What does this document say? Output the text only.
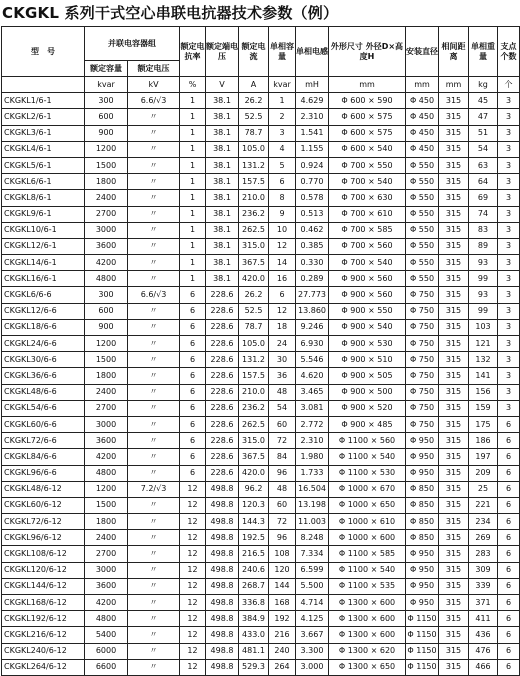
CKGKL 系列干式空心串联电抗器技术参数（例）
型　号	并联电容器组		额定电抗率	额定端电压	额定电流	单相容量	单相电感	外形尺寸 外径D×高度H	安装直径	相间距离	单相重量	支点个数
	额定容量	额定电压										
	kvar	kV	%	V	A	kvar	mH	mm	mm	mm	kg	个
CKGKL1/6-1	300	6.6/√3	1	38.1	26.2	1	4.629	Φ 600 × 590	Φ 450	315	45	3
CKGKL2/6-1	600	〃	1	38.1	52.5	2	2.310	Φ 600 × 575	Φ 450	315	47	3
CKGKL3/6-1	900	〃	1	38.1	78.7	3	1.541	Φ 600 × 575	Φ 450	315	51	3
CKGKL4/6-1	1200	〃	1	38.1	105.0	4	1.155	Φ 600 × 540	Φ 450	315	54	3
CKGKL5/6-1	1500	〃	1	38.1	131.2	5	0.924	Φ 700 × 550	Φ 550	315	63	3
CKGKL6/6-1	1800	〃	1	38.1	157.5	6	0.770	Φ 700 × 540	Φ 550	315	64	3
CKGKL8/6-1	2400	〃	1	38.1	210.0	8	0.578	Φ 700 × 630	Φ 550	315	69	3
CKGKL9/6-1	2700	〃	1	38.1	236.2	9	0.513	Φ 700 × 610	Φ 550	315	74	3
CKGKL10/6-1	3000	〃	1	38.1	262.5	10	0.462	Φ 700 × 585	Φ 550	315	83	3
CKGKL12/6-1	3600	〃	1	38.1	315.0	12	0.385	Φ 700 × 560	Φ 550	315	89	3
CKGKL14/6-1	4200	〃	1	38.1	367.5	14	0.330	Φ 700 × 540	Φ 550	315	93	3
CKGKL16/6-1	4800	〃	1	38.1	420.0	16	0.289	Φ 900 × 560	Φ 550	315	99	3
CKGKL6/6-6	300	6.6/√3	6	228.6	26.2	6	27.773	Φ 900 × 560	Φ 750	315	93	3
CKGKL12/6-6	600	〃	6	228.6	52.5	12	13.860	Φ 900 × 550	Φ 750	315	99	3
CKGKL18/6-6	900	〃	6	228.6	78.7	18	9.246	Φ 900 × 540	Φ 750	315	103	3
CKGKL24/6-6	1200	〃	6	228.6	105.0	24	6.930	Φ 900 × 530	Φ 750	315	121	3
CKGKL30/6-6	1500	〃	6	228.6	131.2	30	5.546	Φ 900 × 510	Φ 750	315	132	3
CKGKL36/6-6	1800	〃	6	228.6	157.5	36	4.620	Φ 900 × 505	Φ 750	315	141	3
CKGKL48/6-6	2400	〃	6	228.6	210.0	48	3.465	Φ 900 × 500	Φ 750	315	156	3
CKGKL54/6-6	2700	〃	6	228.6	236.2	54	3.081	Φ 900 × 520	Φ 750	315	159	3
CKGKL60/6-6	3000	〃	6	228.6	262.5	60	2.772	Φ 900 × 485	Φ 750	315	175	6
CKGKL72/6-6	3600	〃	6	228.6	315.0	72	2.310	Φ 1100 × 560	Φ 950	315	186	6
CKGKL84/6-6	4200	〃	6	228.6	367.5	84	1.980	Φ 1100 × 540	Φ 950	315	197	6
CKGKL96/6-6	4800	〃	6	228.6	420.0	96	1.733	Φ 1100 × 530	Φ 950	315	209	6
CKGKL48/6-12	1200	7.2/√3	12	498.8	96.2	48	16.504	Φ 1000 × 670	Φ 850	315	25	6
CKGKL60/6-12	1500	〃	12	498.8	120.3	60	13.198	Φ 1000 × 650	Φ 850	315	221	6
CKGKL72/6-12	1800	〃	12	498.8	144.3	72	11.003	Φ 1000 × 610	Φ 850	315	234	6
CKGKL96/6-12	2400	〃	12	498.8	192.5	96	8.248	Φ 1000 × 600	Φ 850	315	269	6
CKGKL108/6-12	2700	〃	12	498.8	216.5	108	7.334	Φ 1100 × 585	Φ 950	315	283	6
CKGKL120/6-12	3000	〃	12	498.8	240.6	120	6.599	Φ 1100 × 540	Φ 950	315	309	6
CKGKL144/6-12	3600	〃	12	498.8	268.7	144	5.500	Φ 1100 × 535	Φ 950	315	339	6
CKGKL168/6-12	4200	〃	12	498.8	336.8	168	4.714	Φ 1300 × 600	Φ 950	315	371	6
CKGKL192/6-12	4800	〃	12	498.8	384.9	192	4.125	Φ 1300 × 600	Φ 1150	315	411	6
CKGKL216/6-12	5400	〃	12	498.8	433.0	216	3.667	Φ 1300 × 600	Φ 1150	315	436	6
CKGKL240/6-12	6000	〃	12	498.8	481.1	240	3.300	Φ 1300 × 620	Φ 1150	315	476	6
CKGKL264/6-12	6600	〃	12	498.8	529.3	264	3.000	Φ 1300 × 650	Φ 1150	315	466	6
